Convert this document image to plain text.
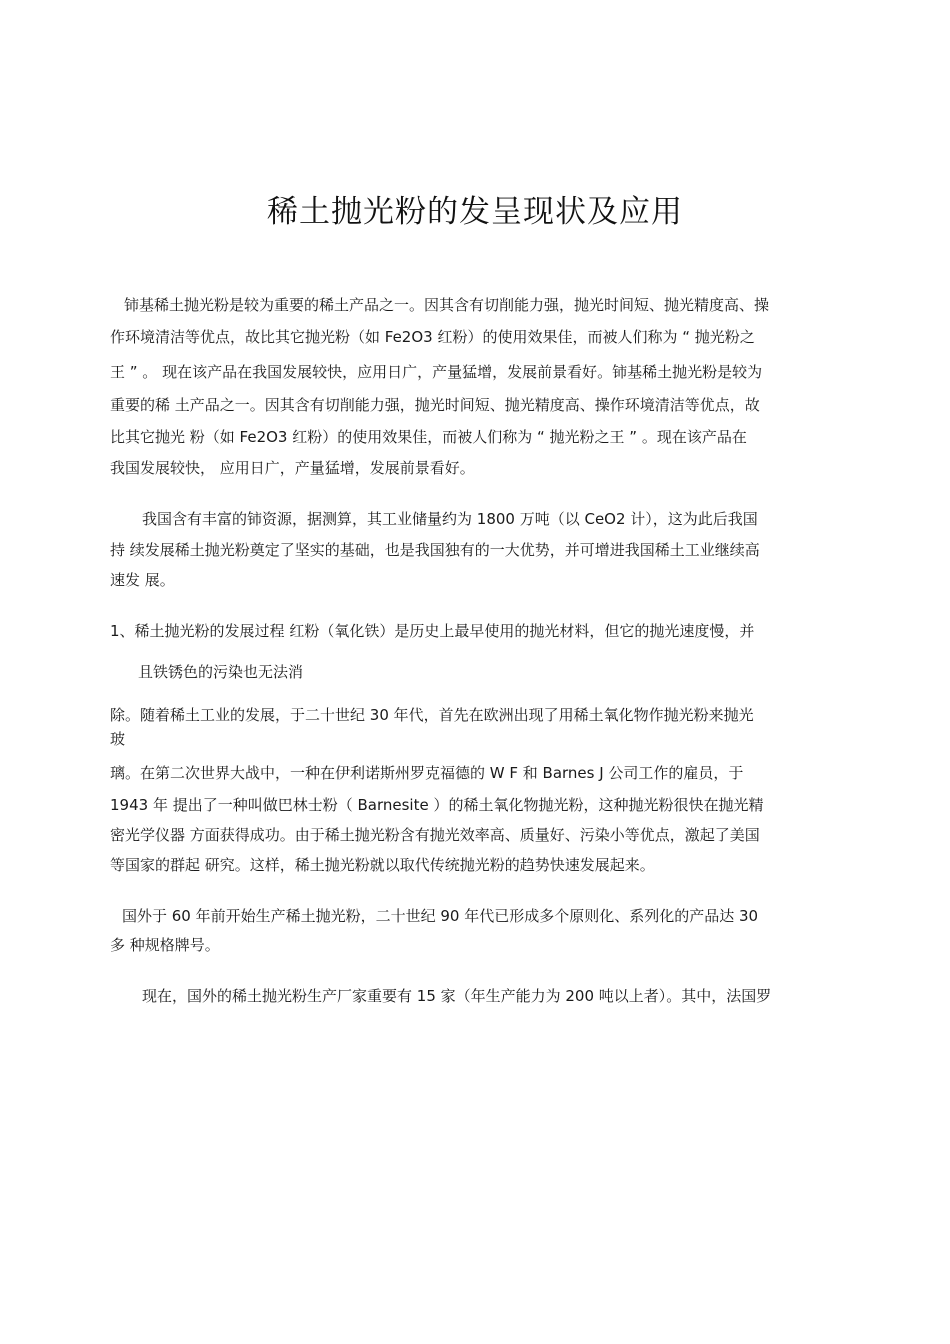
稀土抛光粉的发呈现状及应用
铈基稀土抛光粉是较为重要的稀土产品之一。因其含有切削能力强，抛光时间短、抛光精度高、操
作环境清洁等优点，故比其它抛光粉（如 Fe2O3 红粉）的使用效果佳，而被人们称为 “ 抛光粉之
王 ” 。 现在该产品在我国发展较快，应用日广，产量猛增，发展前景看好。铈基稀土抛光粉是较为
重要的稀 土产品之一。因其含有切削能力强，抛光时间短、抛光精度高、操作环境清洁等优点，故
比其它抛光 粉（如 Fe2O3 红粉）的使用效果佳，而被人们称为 “ 抛光粉之王 ” 。现在该产品在
我国发展较快， 应用日广，产量猛增，发展前景看好。
我国含有丰富的铈资源，据测算，其工业储量约为 1800 万吨（以 CeO2 计），这为此后我国
持 续发展稀土抛光粉奠定了坚实的基础，也是我国独有的一大优势，并可增进我国稀土工业继续高
速发 展。
1、稀土抛光粉的发展过程 红粉（氧化铁）是历史上最早使用的抛光材料，但它的抛光速度慢，并
且铁锈色的污染也无法消
除。随着稀土工业的发展，于二十世纪 30 年代，首先在欧洲出现了用稀土氧化物作抛光粉来抛光
玻
璃。在第二次世界大战中，一种在伊利诺斯州罗克福德的 W F 和 Barnes J 公司工作的雇员，于
1943 年 提出了一种叫做巴林士粉（ Barnesite ）的稀土氧化物抛光粉，这种抛光粉很快在抛光精
密光学仪器 方面获得成功。由于稀土抛光粉含有抛光效率高、质量好、污染小等优点，激起了美国
等国家的群起 研究。这样，稀土抛光粉就以取代传统抛光粉的趋势快速发展起来。
国外于 60 年前开始生产稀土抛光粉，二十世纪 90 年代已形成多个原则化、系列化的产品达 30
多 种规格牌号。
现在，国外的稀土抛光粉生产厂家重要有 15 家（年生产能力为 200 吨以上者）。其中，法国罗
